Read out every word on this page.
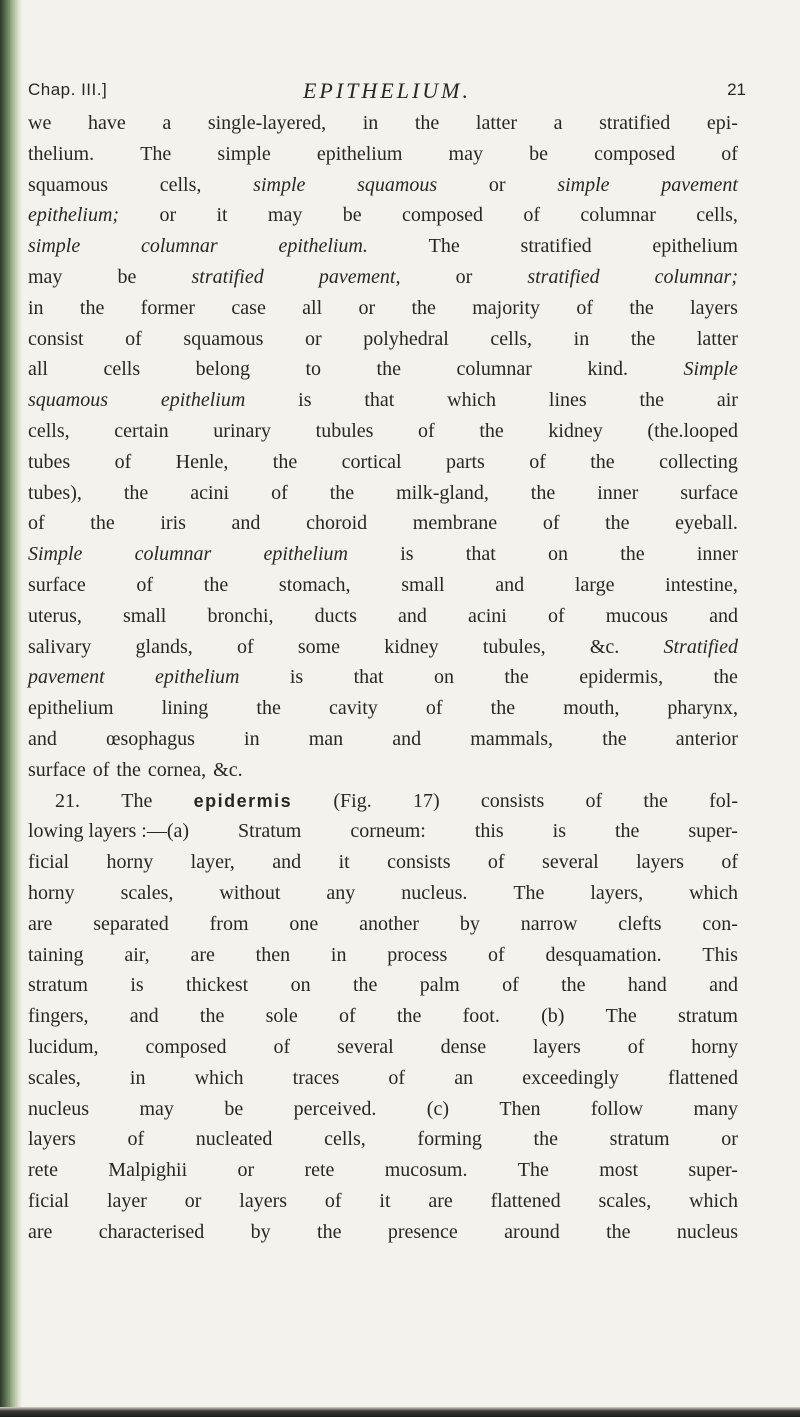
Chap. III.]	EPITHELIUM.	21
we have a single-layered, in the latter a stratified epi-
thelium. The simple epithelium may be composed of
squamous	cells,	simple	squamous	or	simple	pavement
epithelium; or it may be composed of columnar cells,
simple	columnar	epithelium.	The	stratified	epithelium
may	be	stratified	pavement,	or	stratified	columnar;
in the former case all or the majority of the layers
consist of squamous or polyhedral cells, in the latter
all	cells	belong	to	the	columnar	kind.	Simple
squamous	epithelium	is	that	which	lines	the	air
cells, certain urinary tubules of the kidney (the.looped
tubes of Henle, the cortical parts of the collecting
tubes), the acini of the milk-gland, the inner surface
of the iris and choroid membrane of the eyeball.
Simple	columnar	epithelium	is	that	on	the	inner
surface	of	the	stomach,	small	and	large	intestine,
uterus, small bronchi, ducts and acini of mucous and
salivary glands, of some kidney tubules, &c. Stratified
pavement	epithelium	is	that	on	the	epidermis,	the
epithelium lining the cavity of the mouth, pharynx,
and œsophagus in man and mammals, the anterior
surface of the cornea, &c.
21. The epidermis (Fig. 17) consists of the fol-
lowing layers :—(a) Stratum corneum: this is the super-
ficial horny layer, and it consists of several layers of
horny scales, without any nucleus. The layers, which
are separated from one another by narrow clefts con-
taining air, are then in process of desquamation. This
stratum is thickest on the palm of the hand and
fingers, and the sole of the foot. (b) The stratum
lucidum, composed of several dense layers of horny
scales, in which traces of an exceedingly flattened
nucleus	may	be	perceived.	(c)	Then	follow	many
layers	of	nucleated	cells,	forming	the	stratum	or
rete	Malpighii	or	rete	mucosum.	The	most	super-
ficial layer or layers of it are flattened scales, which
are characterised by the presence around the nucleus
